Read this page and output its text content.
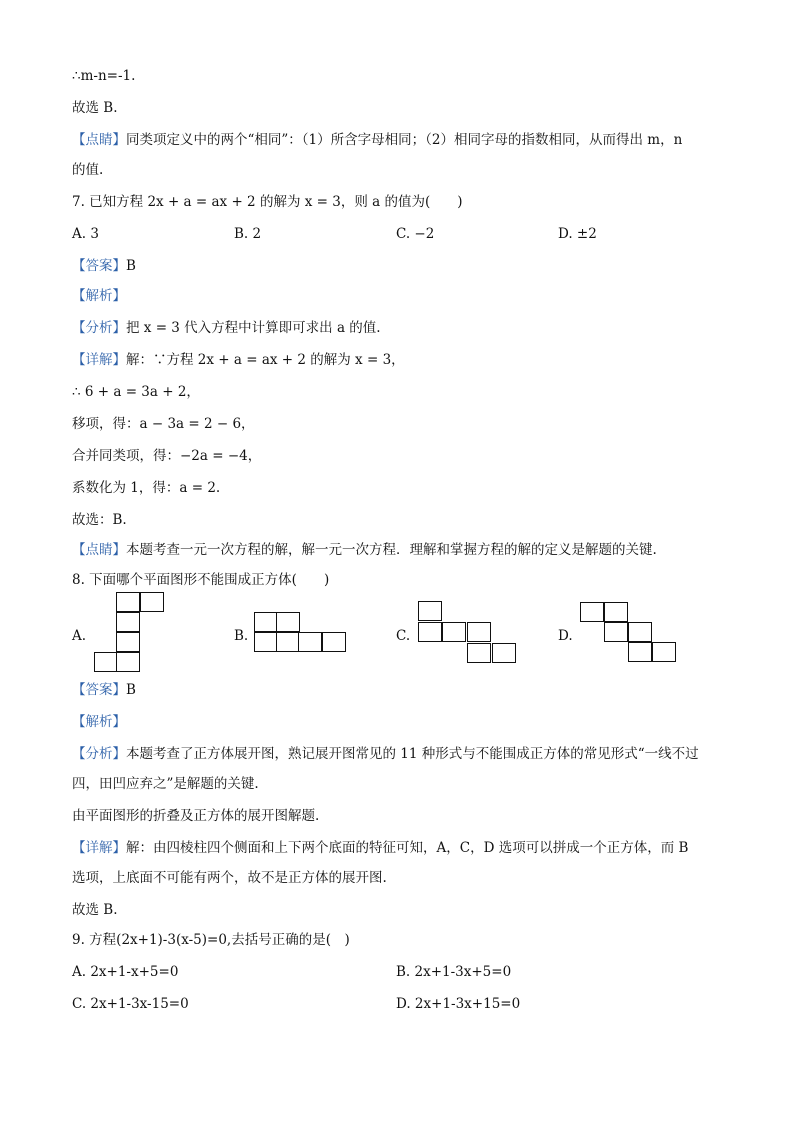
∴m-n=-1.
故选 B.
【点睛】同类项定义中的两个“相同”：（1）所含字母相同；（2）相同字母的指数相同，从而得出 m，n
的值.
7. 已知方程 2x + a = ax + 2 的解为 x = 3，则 a 的值为(　　)
A. 3	B. 2	C. −2	D. ±2
【答案】B
【解析】
【分析】把 x = 3 代入方程中计算即可求出 a 的值.
【详解】解：∵方程 2x + a = ax + 2 的解为 x = 3，
∴ 6 + a = 3a + 2，
移项，得：a − 3a = 2 − 6，
合并同类项，得：−2a = −4，
系数化为 1，得：a = 2.
故选：B.
【点睛】本题考查一元一次方程的解，解一元一次方程．理解和掌握方程的解的定义是解题的关键.
8. 下面哪个平面图形不能围成正方体(　　)
A.	B.	C.	D.
【答案】B
【解析】
【分析】本题考查了正方体展开图，熟记展开图常见的 11 种形式与不能围成正方体的常见形式“一线不过
四，田凹应弃之”是解题的关键.
由平面图形的折叠及正方体的展开图解题.
【详解】解：由四棱柱四个侧面和上下两个底面的特征可知，A，C，D 选项可以拼成一个正方体，而 B
选项，上底面不可能有两个，故不是正方体的展开图.
故选 B.
9. 方程(2x+1)-3(x-5)=0,去括号正确的是(　)
A. 2x+1-x+5=0	B. 2x+1-3x+5=0
C. 2x+1-3x-15=0	D. 2x+1-3x+15=0
